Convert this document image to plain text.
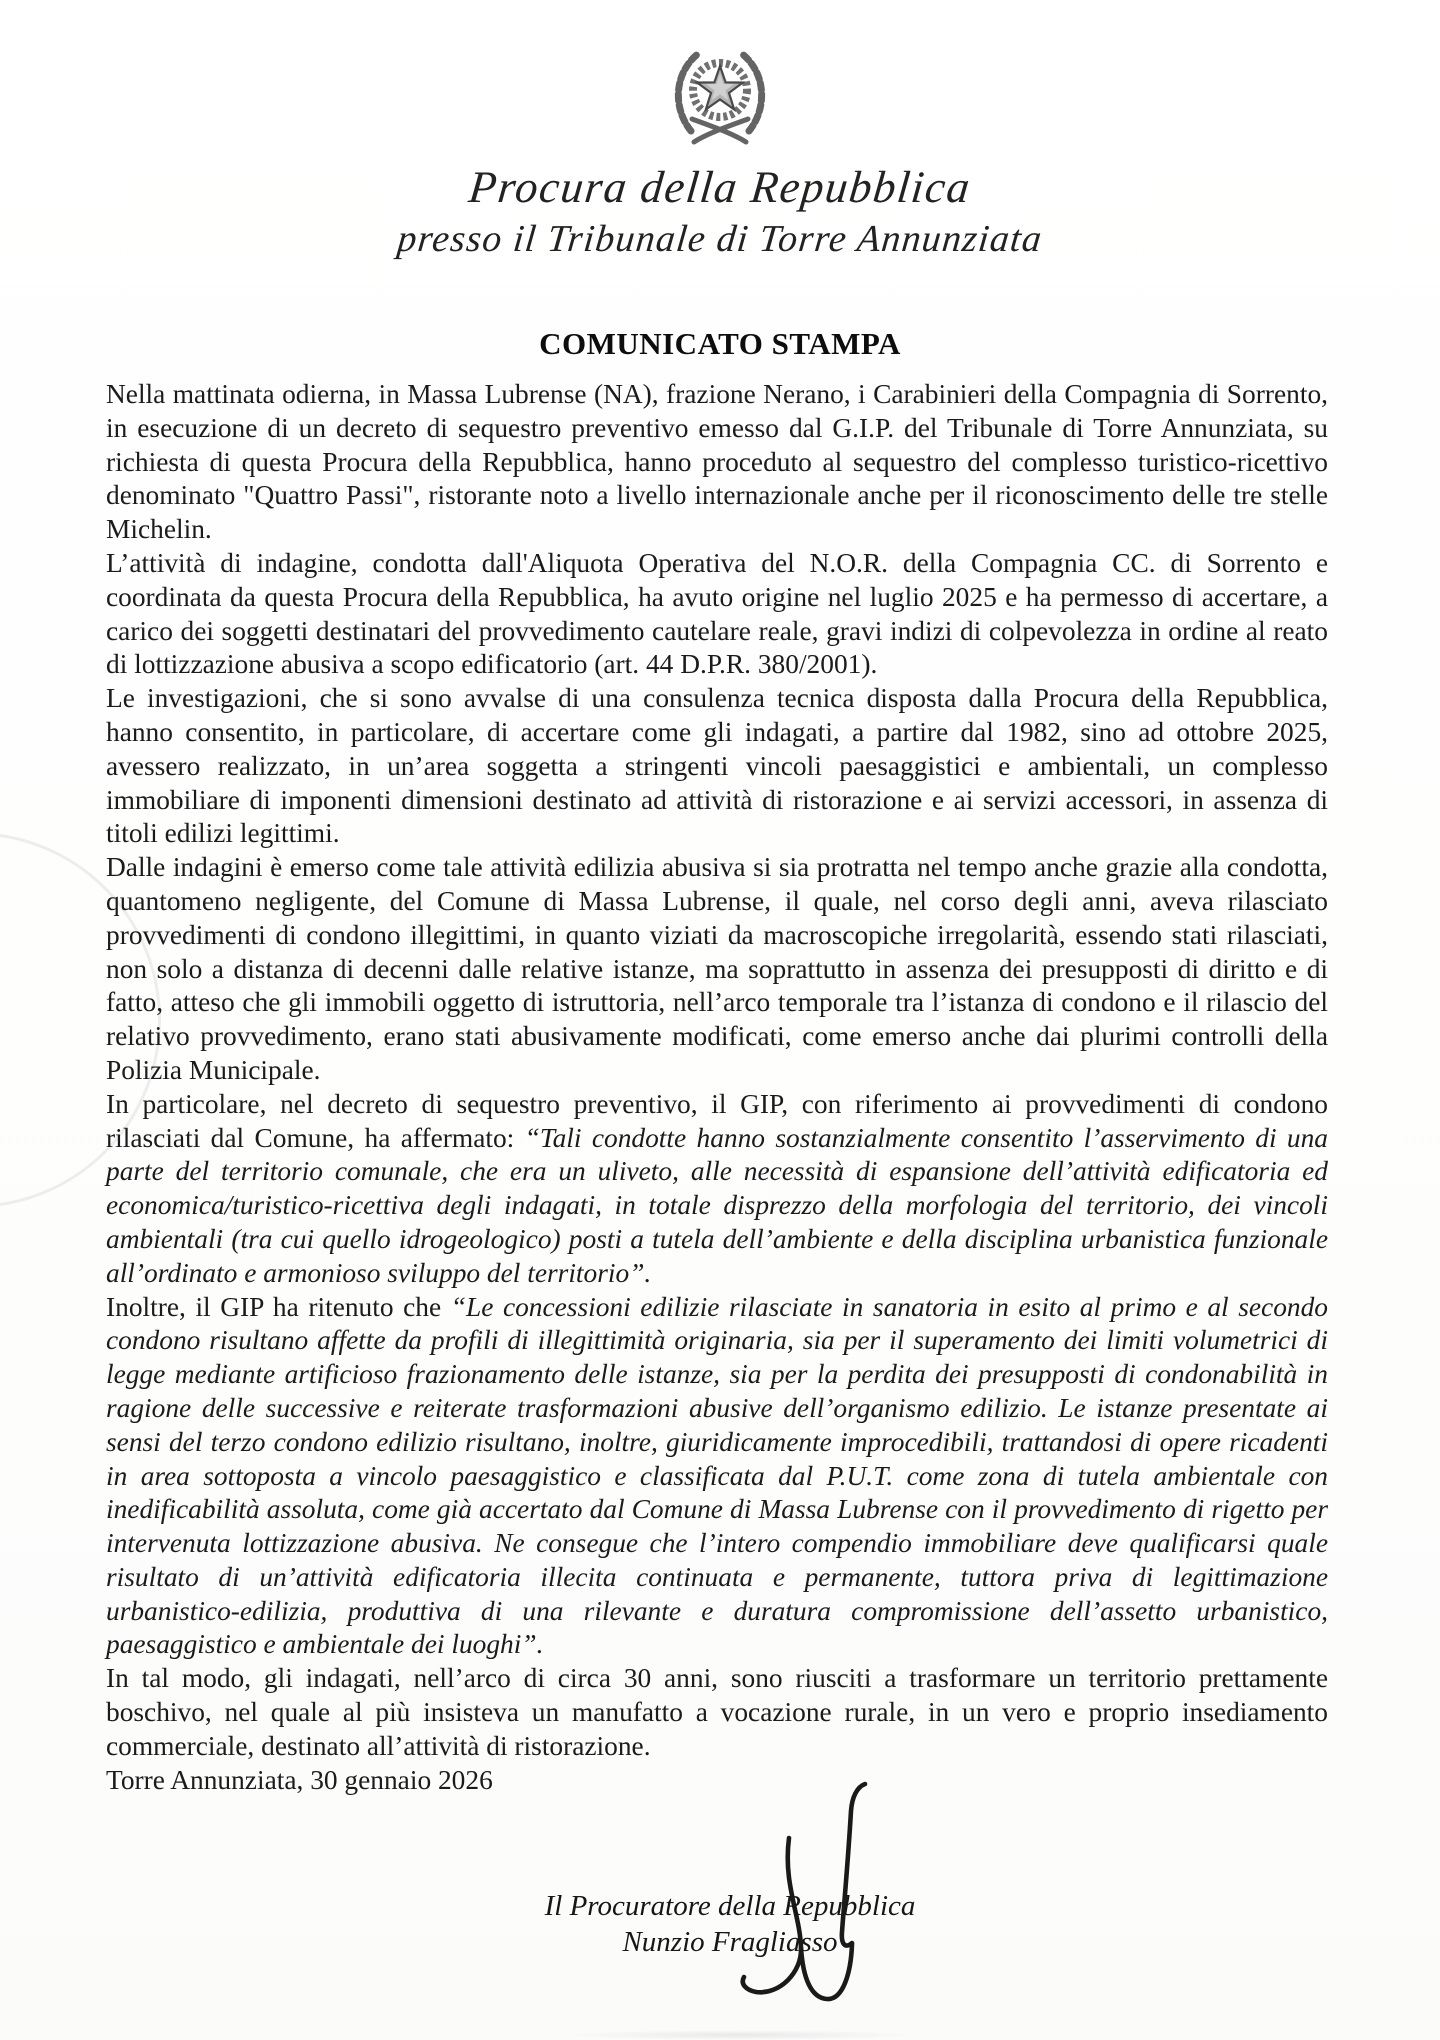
Procura della Repubblica
presso il Tribunale di Torre Annunziata
COMUNICATO STAMPA

Nella mattinata odierna, in Massa Lubrense (NA), frazione Nerano, i Carabinieri della Compagnia di Sorrento, in esecuzione di un decreto di sequestro preventivo emesso dal G.I.P. del Tribunale di Torre Annunziata, su richiesta di questa Procura della Repubblica, hanno proceduto al sequestro del complesso turistico-ricettivo denominato "Quattro Passi", ristorante noto a livello internazionale anche per il riconoscimento delle tre stelle Michelin.

L’attività di indagine, condotta dall'Aliquota Operativa del N.O.R. della Compagnia CC. di Sorrento e coordinata da questa Procura della Repubblica, ha avuto origine nel luglio 2025 e ha permesso di accertare, a carico dei soggetti destinatari del provvedimento cautelare reale, gravi indizi di colpevolezza in ordine al reato di lottizzazione abusiva a scopo edificatorio (art. 44 D.P.R. 380/2001).

Le investigazioni, che si sono avvalse di una consulenza tecnica disposta dalla Procura della Repubblica, hanno consentito, in particolare, di accertare come gli indagati, a partire dal 1982, sino ad ottobre 2025, avessero realizzato, in un’area soggetta a stringenti vincoli paesaggistici e ambientali, un complesso immobiliare di imponenti dimensioni destinato ad attività di ristorazione e ai servizi accessori, in assenza di titoli edilizi legittimi.

Dalle indagini è emerso come tale attività edilizia abusiva si sia protratta nel tempo anche grazie alla condotta, quantomeno negligente, del Comune di Massa Lubrense, il quale, nel corso degli anni, aveva rilasciato provvedimenti di condono illegittimi, in quanto viziati da macroscopiche irregolarità, essendo stati rilasciati, non solo a distanza di decenni dalle relative istanze, ma soprattutto in assenza dei presupposti di diritto e di fatto, atteso che gli immobili oggetto di istruttoria, nell’arco temporale tra l’istanza di condono e il rilascio del relativo provvedimento, erano stati abusivamente modificati, come emerso anche dai plurimi controlli della Polizia Municipale.

In particolare, nel decreto di sequestro preventivo, il GIP, con riferimento ai provvedimenti di condono rilasciati dal Comune, ha affermato: “Tali condotte hanno sostanzialmente consentito l’asservimento di una parte del territorio comunale, che era un uliveto, alle necessità di espansione dell’attività edificatoria ed economica/turistico-ricettiva degli indagati, in totale disprezzo della morfologia del territorio, dei vincoli ambientali (tra cui quello idrogeologico) posti a tutela dell’ambiente e della disciplina urbanistica funzionale all’ordinato e armonioso sviluppo del territorio”.

Inoltre, il GIP ha ritenuto che “Le concessioni edilizie rilasciate in sanatoria in esito al primo e al secondo condono risultano affette da profili di illegittimità originaria, sia per il superamento dei limiti volumetrici di legge mediante artificioso frazionamento delle istanze, sia per la perdita dei presupposti di condonabilità in ragione delle successive e reiterate trasformazioni abusive dell’organismo edilizio. Le istanze presentate ai sensi del terzo condono edilizio risultano, inoltre, giuridicamente improcedibili, trattandosi di opere ricadenti in area sottoposta a vincolo paesaggistico e classificata dal P.U.T. come zona di tutela ambientale con inedificabilità assoluta, come già accertato dal Comune di Massa Lubrense con il provvedimento di rigetto per intervenuta lottizzazione abusiva. Ne consegue che l’intero compendio immobiliare deve qualificarsi quale risultato di un’attività edificatoria illecita continuata e permanente, tuttora priva di legittimazione urbanistico-edilizia, produttiva di una rilevante e duratura compromissione dell’assetto urbanistico, paesaggistico e ambientale dei luoghi”.

In tal modo, gli indagati, nell’arco di circa 30 anni, sono riusciti a trasformare un territorio prettamente boschivo, nel quale al più insisteva un manufatto a vocazione rurale, in un vero e proprio insediamento commerciale, destinato all’attività di ristorazione.

Torre Annunziata, 30 gennaio 2026

Il Procuratore della Repubblica
Nunzio Fragliasso
